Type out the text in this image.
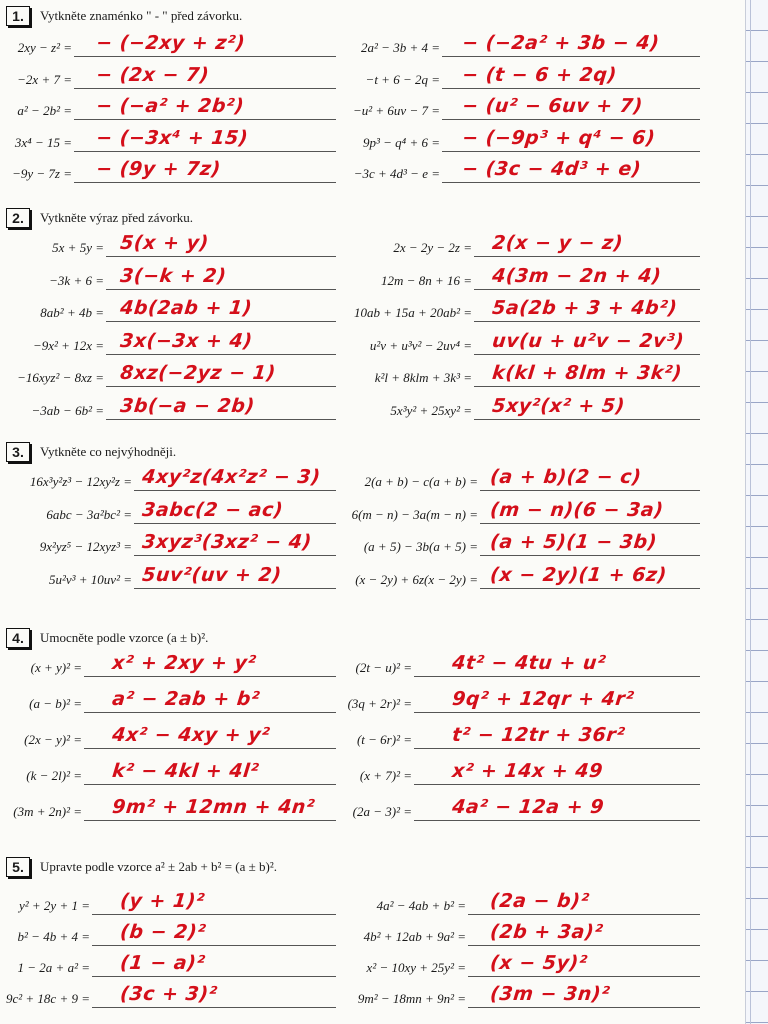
1.	Vytkněte znaménko " - " před závorku.
2.	Vytkněte výraz před závorku.
3.	Vytkněte co nejvýhodněji.
4.	Umocněte podle vzorce (a ± b)².
5.	Upravte podle vzorce a² ± 2ab + b² = (a ± b)².
2xy − z² = − (−2xy + z²)
−2x + 7 = − (2x − 7)
a² − 2b² = − (−a² + 2b²)
3x⁴ − 15 = − (−3x⁴ + 15)
−9y − 7z = − (9y + 7z)
2a² − 3b + 4 = − (−2a² + 3b − 4)
−t + 6 − 2q = − (t − 6 + 2q)
−u² + 6uv − 7 = − (u² − 6uv + 7)
9p³ − q⁴ + 6 = − (−9p³ + q⁴ − 6)
−3c + 4d³ − e = − (3c − 4d³ + e)
5x + 5y = 5(x + y)
−3k + 6 = 3(−k + 2)
8ab² + 4b = 4b(2ab + 1)
−9x² + 12x = 3x(−3x + 4)
−16xyz² − 8xz = 8xz(−2yz − 1)
−3ab − 6b² = 3b(−a − 2b)
2x − 2y − 2z = 2(x − y − z)
12m − 8n + 16 = 4(3m − 2n + 4)
10ab + 15a + 20ab² = 5a(2b + 3 + 4b²)
u²v + u³v² − 2uv⁴ = uv(u + u²v − 2v³)
k²l + 8klm + 3k³ = k(kl + 8lm + 3k²)
5x³y² + 25xy² = 5xy²(x² + 5)
16x³y²z³ − 12xy²z = 4xy²z(4x²z² − 3)
6abc − 3a²bc² = 3abc(2 − ac)
9x²yz⁵ − 12xyz³ = 3xyz³(3xz² − 4)
5u²v³ + 10uv² = 5uv²(uv + 2)
2(a + b) − c(a + b) = (a + b)(2 − c)
6(m − n) − 3a(m − n) = (m − n)(6 − 3a)
(a + 5) − 3b(a + 5) = (a + 5)(1 − 3b)
(x − 2y) + 6z(x − 2y) = (x − 2y)(1 + 6z)
(x + y)² = x² + 2xy + y²
(a − b)² = a² − 2ab + b²
(2x − y)² = 4x² − 4xy + y²
(k − 2l)² = k² − 4kl + 4l²
(3m + 2n)² = 9m² + 12mn + 4n²
(2t − u)² = 4t² − 4tu + u²
(3q + 2r)² = 9q² + 12qr + 4r²
(t − 6r)² = t² − 12tr + 36r²
(x + 7)² = x² + 14x + 49
(2a − 3)² = 4a² − 12a + 9
y² + 2y + 1 = (y + 1)²
b² − 4b + 4 = (b − 2)²
1 − 2a + a² = (1 − a)²
9c² + 18c + 9 = (3c + 3)²
4a² − 4ab + b² = (2a − b)²
4b² + 12ab + 9a² = (2b + 3a)²
x² − 10xy + 25y² = (x − 5y)²
9m² − 18mn + 9n² = (3m − 3n)²
